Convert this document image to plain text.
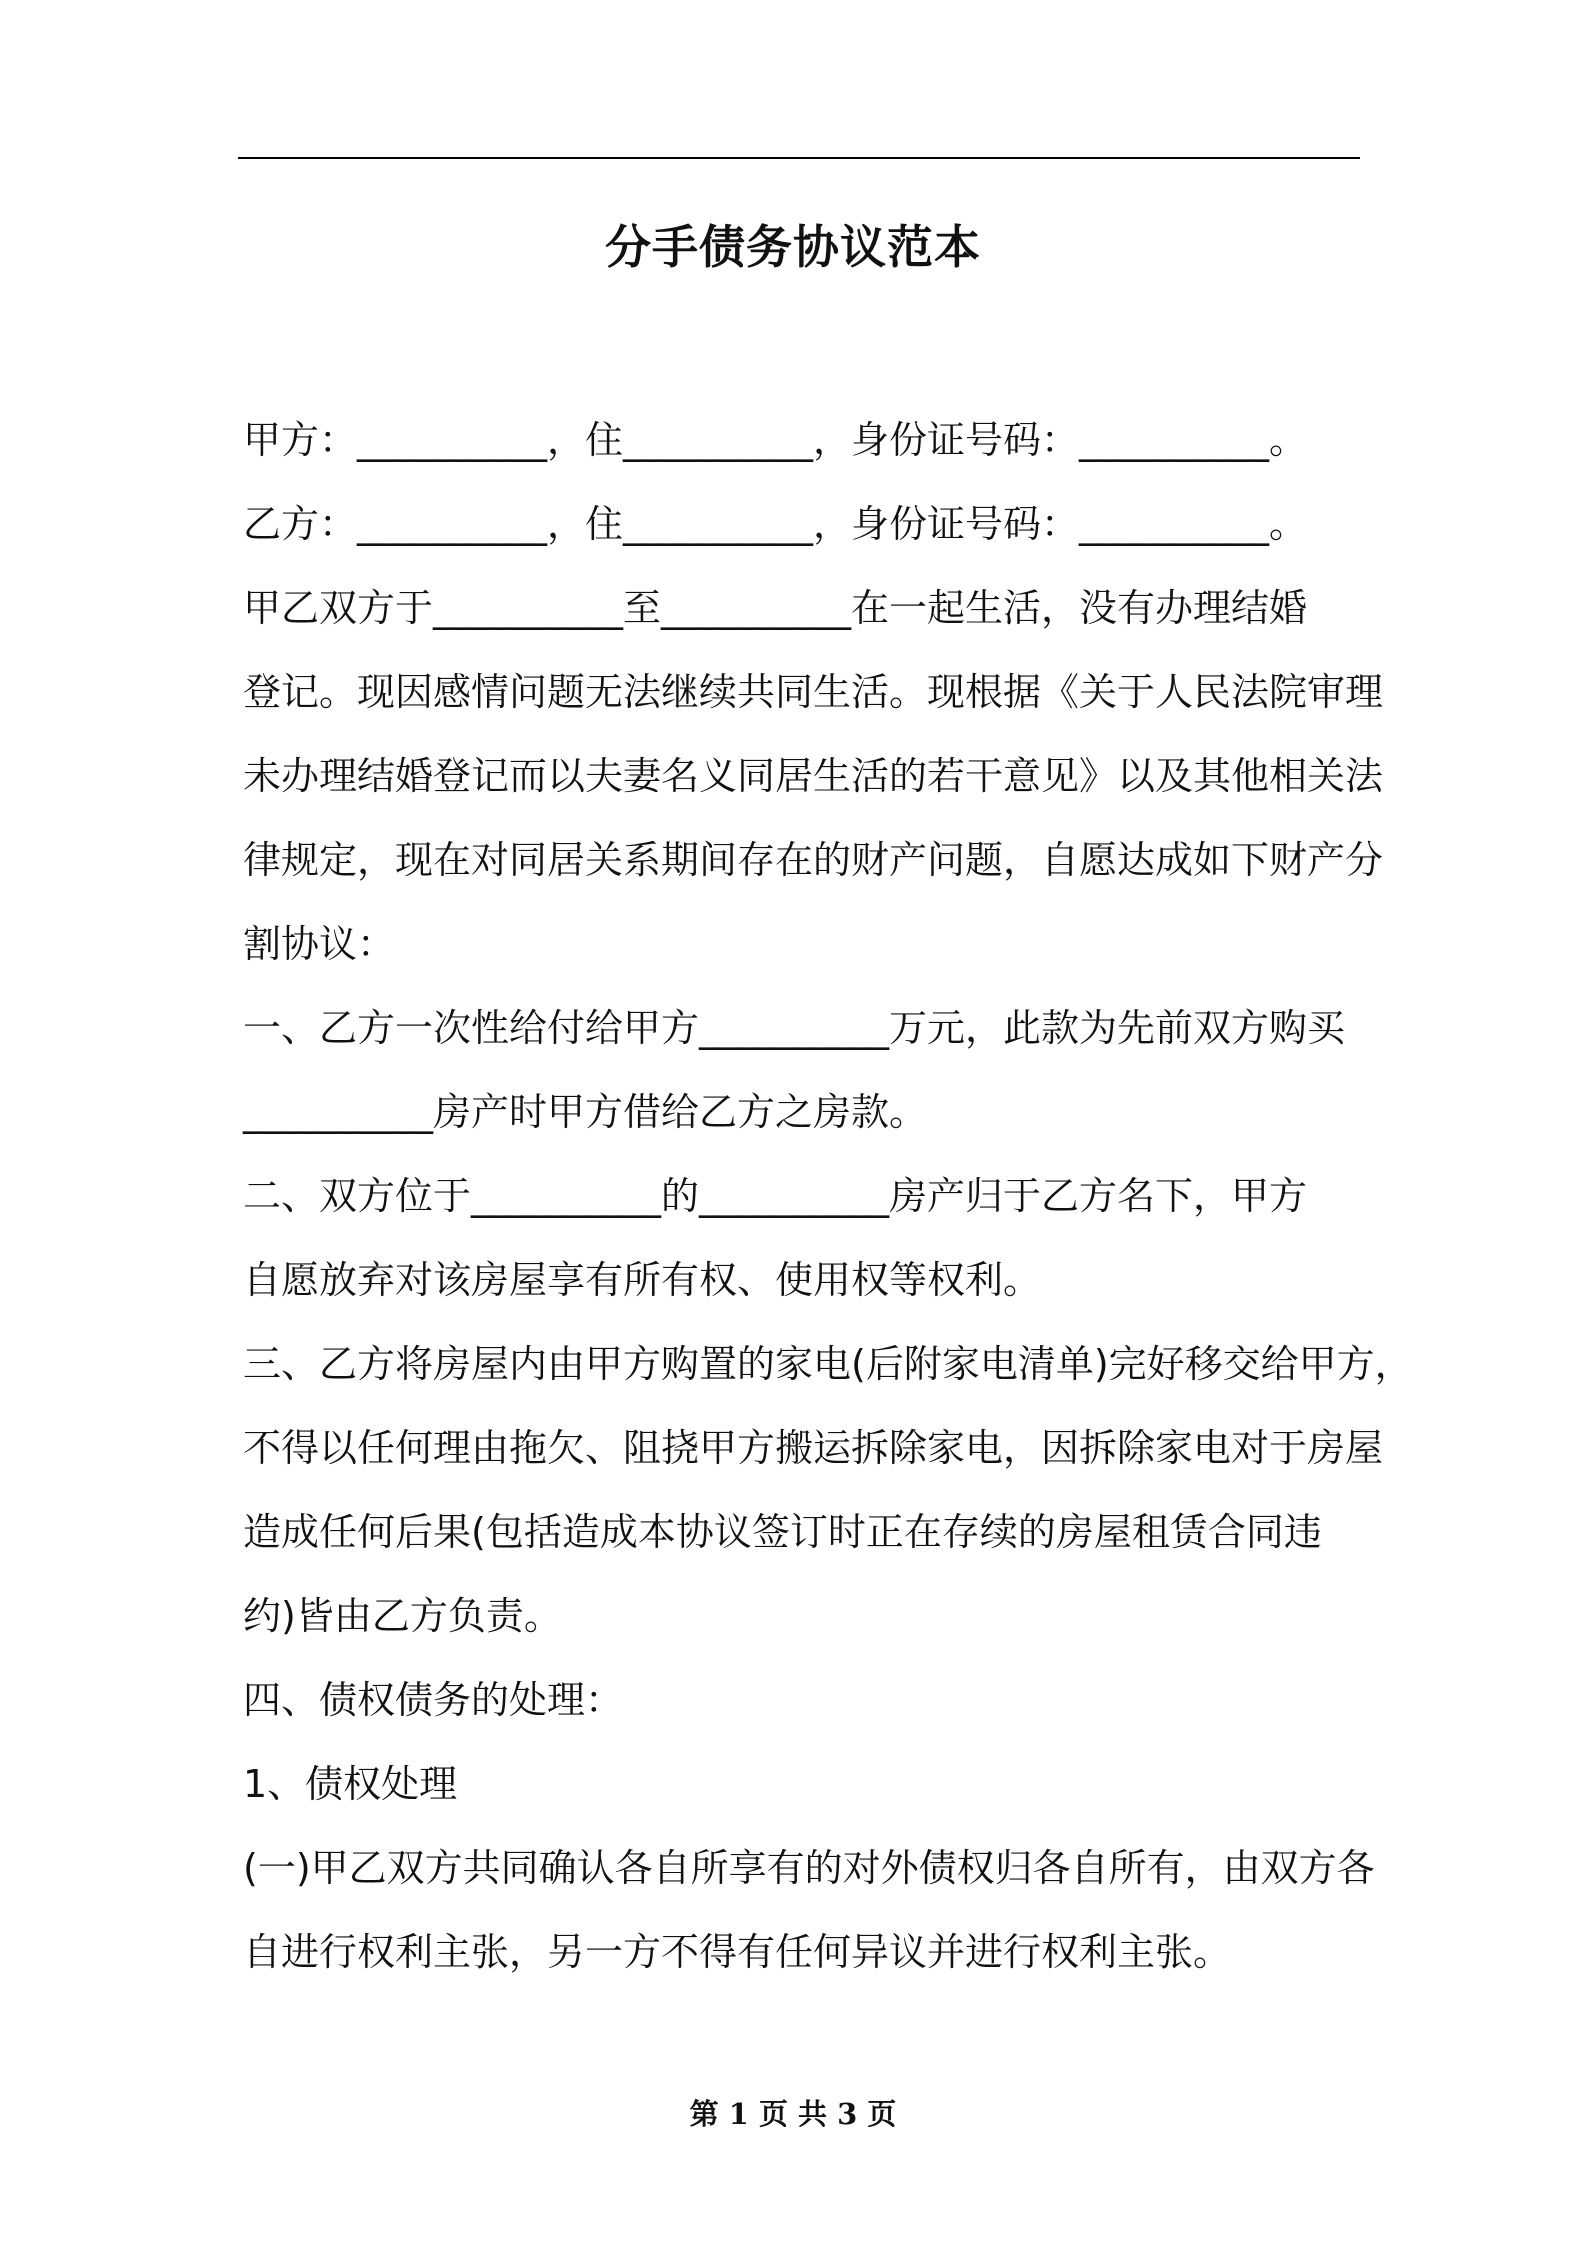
分手债务协议范本
甲方：__________，住__________，身份证号码：__________。
乙方：__________，住__________，身份证号码：__________。
甲乙双方于__________至__________在一起生活，没有办理结婚
登记。现因感情问题无法继续共同生活。现根据《关于人民法院审理
未办理结婚登记而以夫妻名义同居生活的若干意见》以及其他相关法
律规定，现在对同居关系期间存在的财产问题，自愿达成如下财产分
割协议：
一、乙方一次性给付给甲方__________万元，此款为先前双方购买
__________房产时甲方借给乙方之房款。
二、双方位于__________的__________房产归于乙方名下，甲方
自愿放弃对该房屋享有所有权、使用权等权利。
三、乙方将房屋内由甲方购置的家电(后附家电清单)完好移交给甲方，
不得以任何理由拖欠、阻挠甲方搬运拆除家电，因拆除家电对于房屋
造成任何后果(包括造成本协议签订时正在存续的房屋租赁合同违
约)皆由乙方负责。
四、债权债务的处理：
1、债权处理
(一)甲乙双方共同确认各自所享有的对外债权归各自所有，由双方各
自进行权利主张，另一方不得有任何异议并进行权利主张。
第 1 页 共 3 页
